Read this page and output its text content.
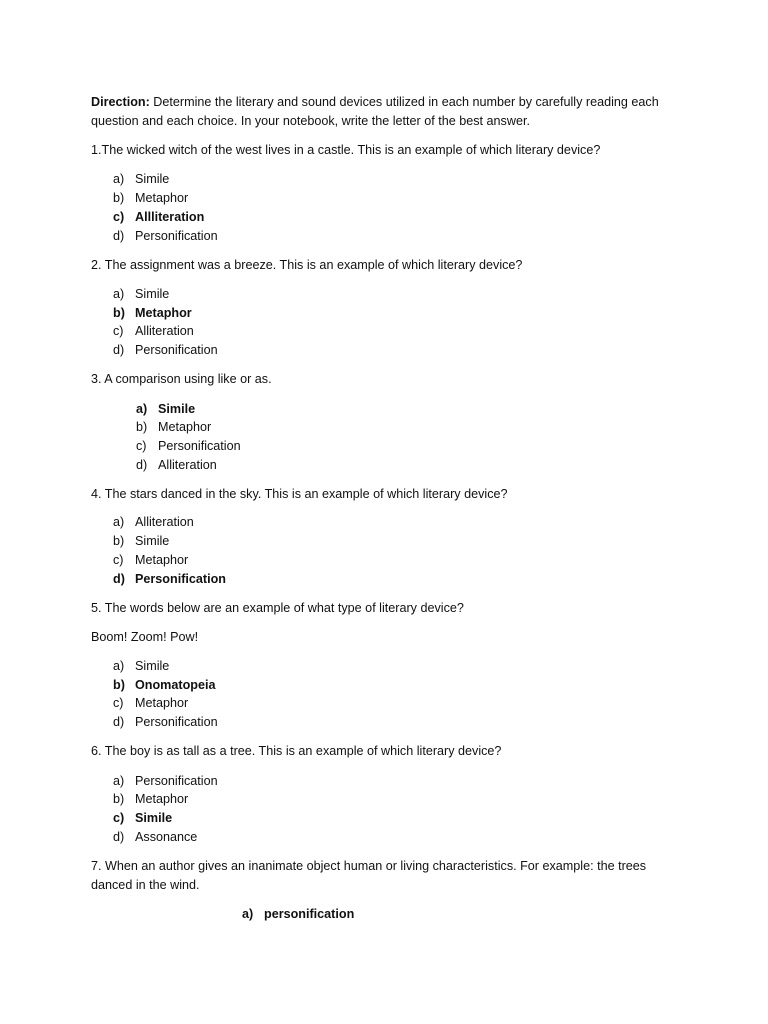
Direction: Determine the literary and sound devices utilized in each number by carefully reading each
question and each choice. In your notebook, write the letter of the best answer.
1.The wicked witch of the west lives in a castle. This is an example of which literary device?
a) Simile
b) Metaphor
c) Allliteration
d) Personification
2. The assignment was a breeze. This is an example of which literary device?
a) Simile
b) Metaphor
c) Alliteration
d) Personification
3. A comparison using like or as.
a) Simile
b) Metaphor
c) Personification
d) Alliteration
4. The stars danced in the sky. This is an example of which literary device?
a) Alliteration
b) Simile
c) Metaphor
d) Personification
5. The words below are an example of what type of literary device?
Boom! Zoom! Pow!
a) Simile
b) Onomatopeia
c) Metaphor
d) Personification
6. The boy is as tall as a tree. This is an example of which literary device?
a) Personification
b) Metaphor
c) Simile
d) Assonance
7. When an author gives an inanimate object human or living characteristics. For example: the trees
danced in the wind.
a) personification
